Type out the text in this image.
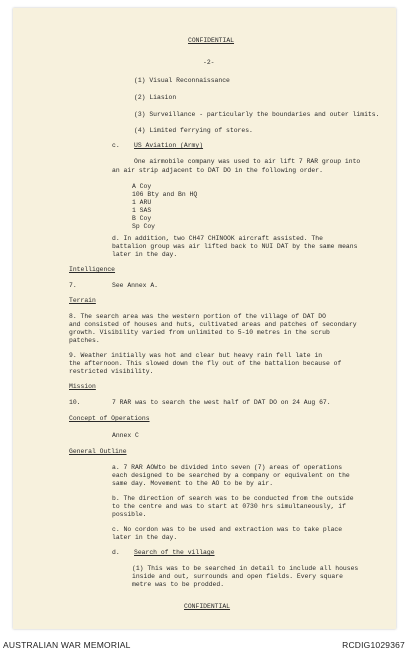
CONFIDENTIAL
-2-
(1) Visual Reconnaissance
(2) Liasion
(3) Surveillance - particularly the boundaries and outer limits.
(4) Limited ferrying of stores.
c. US Aviation (Army)
One airmobile company was used to air lift 7 RAR group into
an air strip adjacent to DAT DO in the following order.
A Coy
106 Bty and Bn HQ
1 ARU
1 SAS
B Coy
Sp Coy
d. In addition, two CH47 CHINOOK aircraft assisted. The
battalion group was air lifted back to NUI DAT by the same means
later in the day.
Intelligence
7.	See Annex A.
Terrain
8. The search area was the western portion of the village of DAT DO
and consisted of houses and huts, cultivated areas and patches of secondary
growth. Visibility varied from unlimited to 5-10 metres in the scrub
patches.
9. Weather initially was hot and clear but heavy rain fell late in
the afternoon. This slowed down the fly out of the battalion because of
restricted visibility.
Mission
10.	7 RAR was to search the west half of DAT DO on 24 Aug 67.
Concept of Operations
Annex C
General Outline
a. 7 RAR AOWto be divided into seven (7) areas of operations
each designed to be searched by a company or equivalent on the
same day. Movement to the AO to be by air.
b. The direction of search was to be conducted from the outside
to the centre and was to start at 0730 hrs simultaneously, if
possible.
c. No cordon was to be used and extraction was to take place
later in the day.
d. Search of the village
(1) This was to be searched in detail to include all houses
inside and out, surrounds and open fields. Every square
metre was to be prodded.
CONFIDENTIAL
AUSTRALIAN WAR MEMORIAL	RCDIG1029367
